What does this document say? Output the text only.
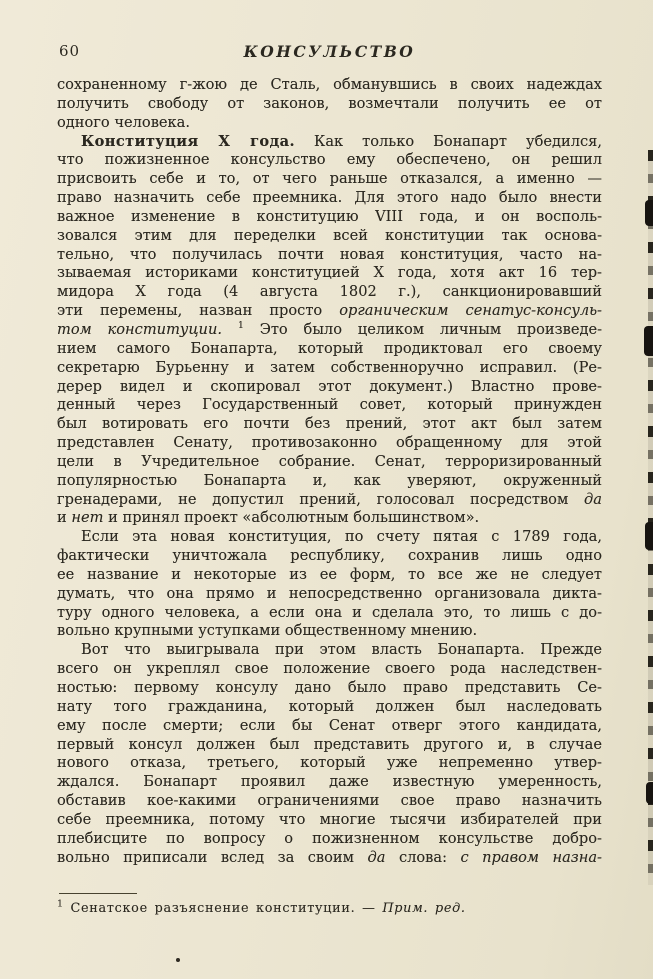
60	КОНСУЛЬСТВО
сохраненному г-жою де Сталь, обманувшись в своих надеждах
получить свободу от законов, возмечтали получить ее от
одного человека.
Конституция X года. Как только Бонапарт убедился,
что пожизненное консульство ему обеспечено, он решил
присвоить себе и то, от чего раньше отказался, а именно —
право назначить себе преемника. Для этого надо было внести
важное изменение в конституцию VIII года, и он восполь-
зовался этим для переделки всей конституции так основа-
тельно, что получилась почти новая конституция, часто на-
зываемая историками конституцией X года, хотя акт 16 тер-
мидора X года (4 августа 1802 г.), санкционировавший
эти перемены, назван просто органическим сенатус-консуль-
том конституции. $^1$ Это было целиком личным произведе-
нием самого Бонапарта, который продиктовал его своему
секретарю Бурьенну и затем собственноручно исправил. (Ре-
дерер видел и скопировал этот документ.) Властно прове-
денный через Государственный совет, который принужден
был вотировать его почти без прений, этот акт был затем
представлен Сенату, противозаконно обращенному для этой
цели в Учредительное собрание. Сенат, терроризированный
популярностью Бонапарта и, как уверяют, окруженный
гренадерами, не допустил прений, голосовал посредством да
и нет и принял проект «абсолютным большинством».
Если эта новая конституция, по счету пятая с 1789 года,
фактически уничтожала республику, сохранив лишь одно
ее название и некоторые из ее форм, то все же не следует
думать, что она прямо и непосредственно организовала дикта-
туру одного человека, а если она и сделала это, то лишь с до-
вольно крупными уступками общественному мнению.
Вот что выигрывала при этом власть Бонапарта. Прежде
всего он укреплял свое положение своего рода наследствен-
ностью: первому консулу дано было право представить Се-
нату того гражданина, который должен был наследовать
ему после смерти; если бы Сенат отверг этого кандидата,
первый консул должен был представить другого и, в случае
нового отказа, третьего, который уже непременно утвер-
ждался. Бонапарт проявил даже известную умеренность,
обставив кое-какими ограничениями свое право назначить
себе преемника, потому что многие тысячи избирателей при
плебисците по вопросу о пожизненном консульстве добро-
вольно приписали вслед за своим да слова: с правом назна-
$^1$ Сенатское разъяснение конституции. — Прим. ред.
